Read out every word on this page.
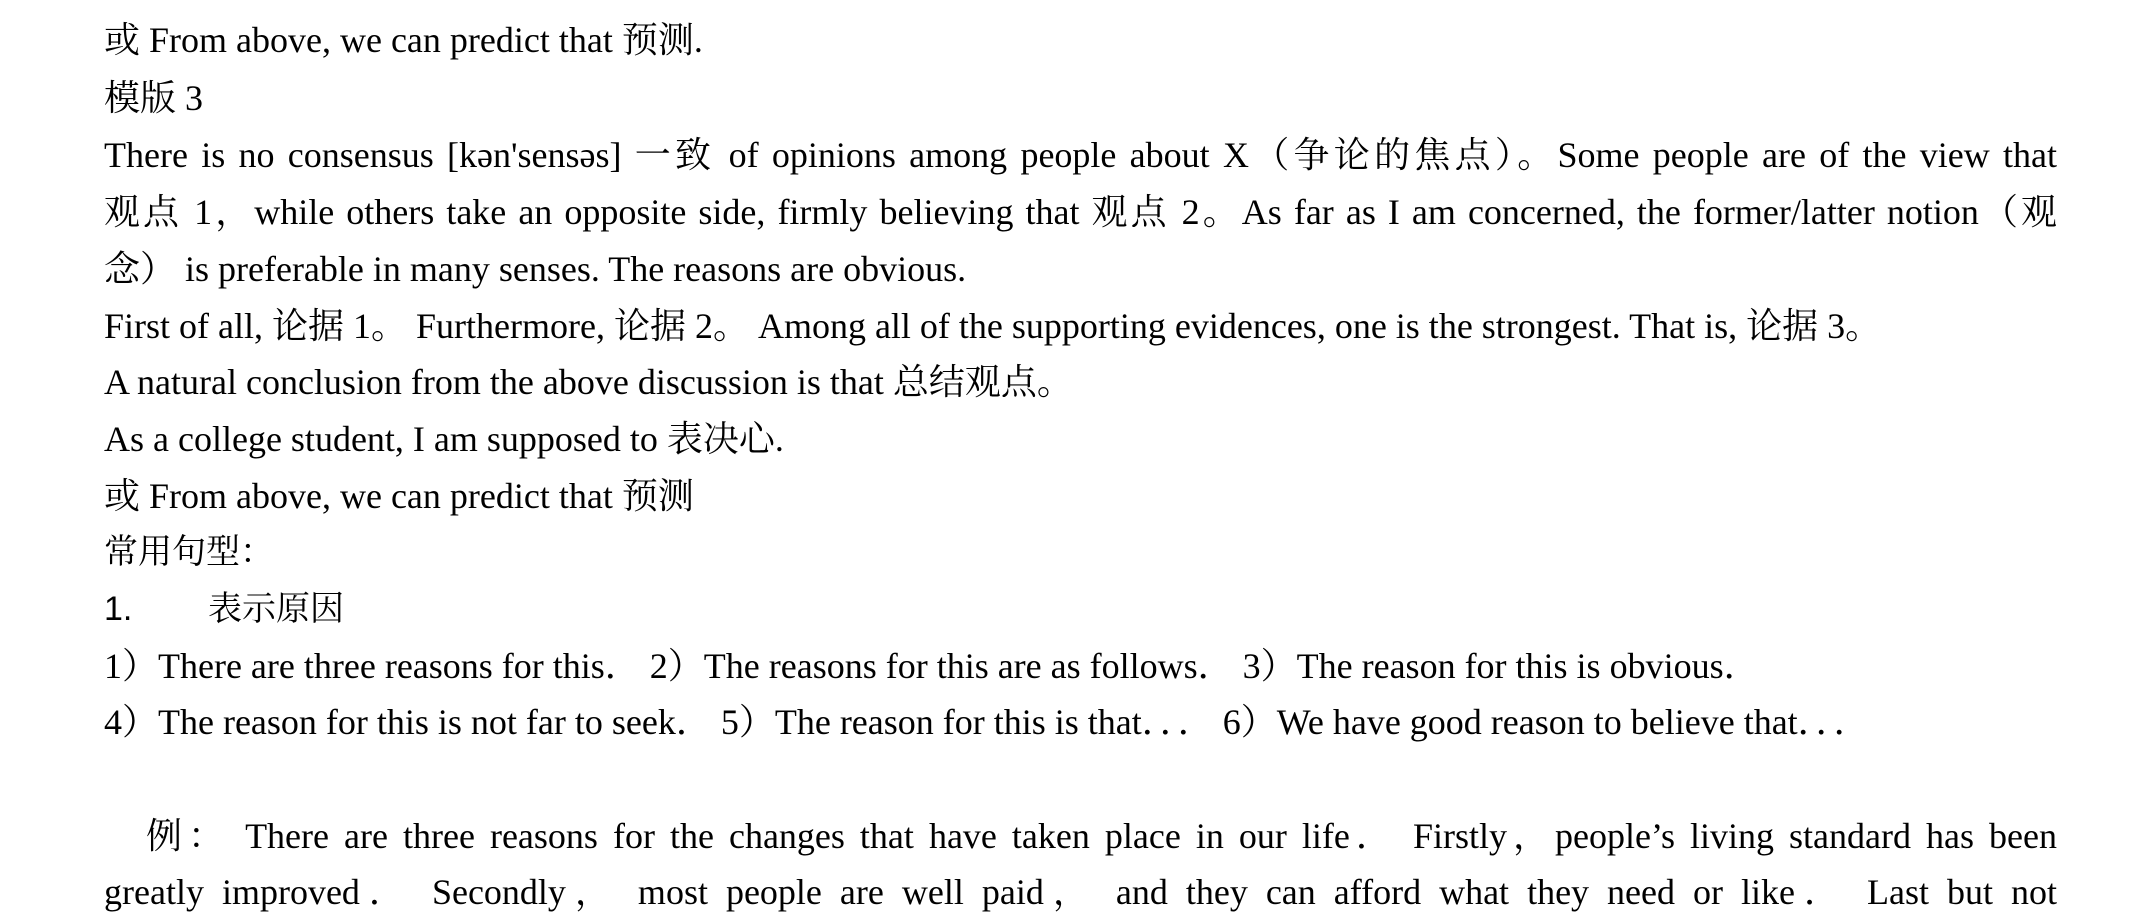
或 From above, we can predict that 预测.
模版 3
There is no consensus [kən'sensəs] 一致 of opinions among people about X（争论的焦点）。Some people are of the view that
观点 1，while others take an opposite side, firmly believing that 观点 2。As far as I am concerned, the former/latter notion（观
念） is preferable in many senses. The reasons are obvious.
First of all, 论据 1。 Furthermore, 论据 2。 Among all of the supporting evidences, one is the strongest. That is, 论据 3。
A natural conclusion from the above discussion is that 总结观点。
As a college student, I am supposed to 表决心.
或 From above, we can predict that 预测
常用句型：
1. 表示原因
1）There are three reasons for this． 2）The reasons for this are as follows． 3）The reason for this is obvious．
4）The reason for this is not far to seek． 5）The reason for this is that．．． 6）We have good reason to believe that．．．
例： There are three reasons for the changes that have taken place in our life． Firstly，people’s living standard has been
greatly improved． Secondly， most people are well paid， and they can afford what they need or like． Last but not
